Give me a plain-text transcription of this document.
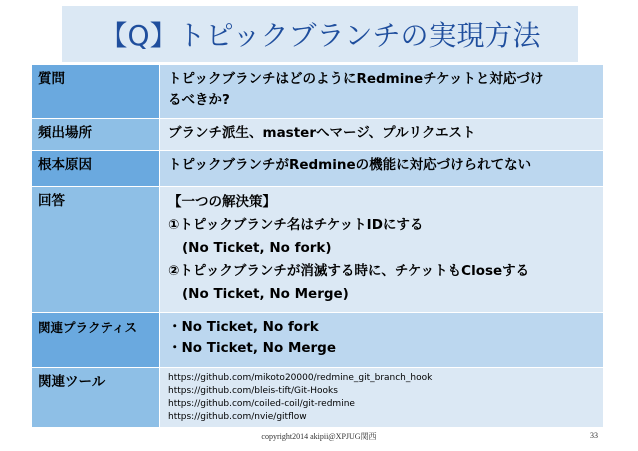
【Q】トピックブランチの実現方法
質問	トピックブランチはどのようにRedmineチケットと対応づけ
るべきか?

頻出場所	ブランチ派生、masterへマージ、プルリクエスト

根本原因	トピックブランチがRedmineの機能に対応づけられてない

回答	【一つの解決策】
①トピックブランチ名はチケットIDにする
(No Ticket, No fork)
②トピックブランチが消滅する時に、チケットもCloseする
(No Ticket, No Merge)

関連プラクティス	・No Ticket, No fork
・No Ticket, No Merge

関連ツール	https://github.com/mikoto20000/redmine_git_branch_hook
https://github.com/bleis-tift/Git-Hooks
https://github.com/coiled-coil/git-redmine
https://github.com/nvie/gitflow
copyright2014 akipii@XPJUG関西	33
